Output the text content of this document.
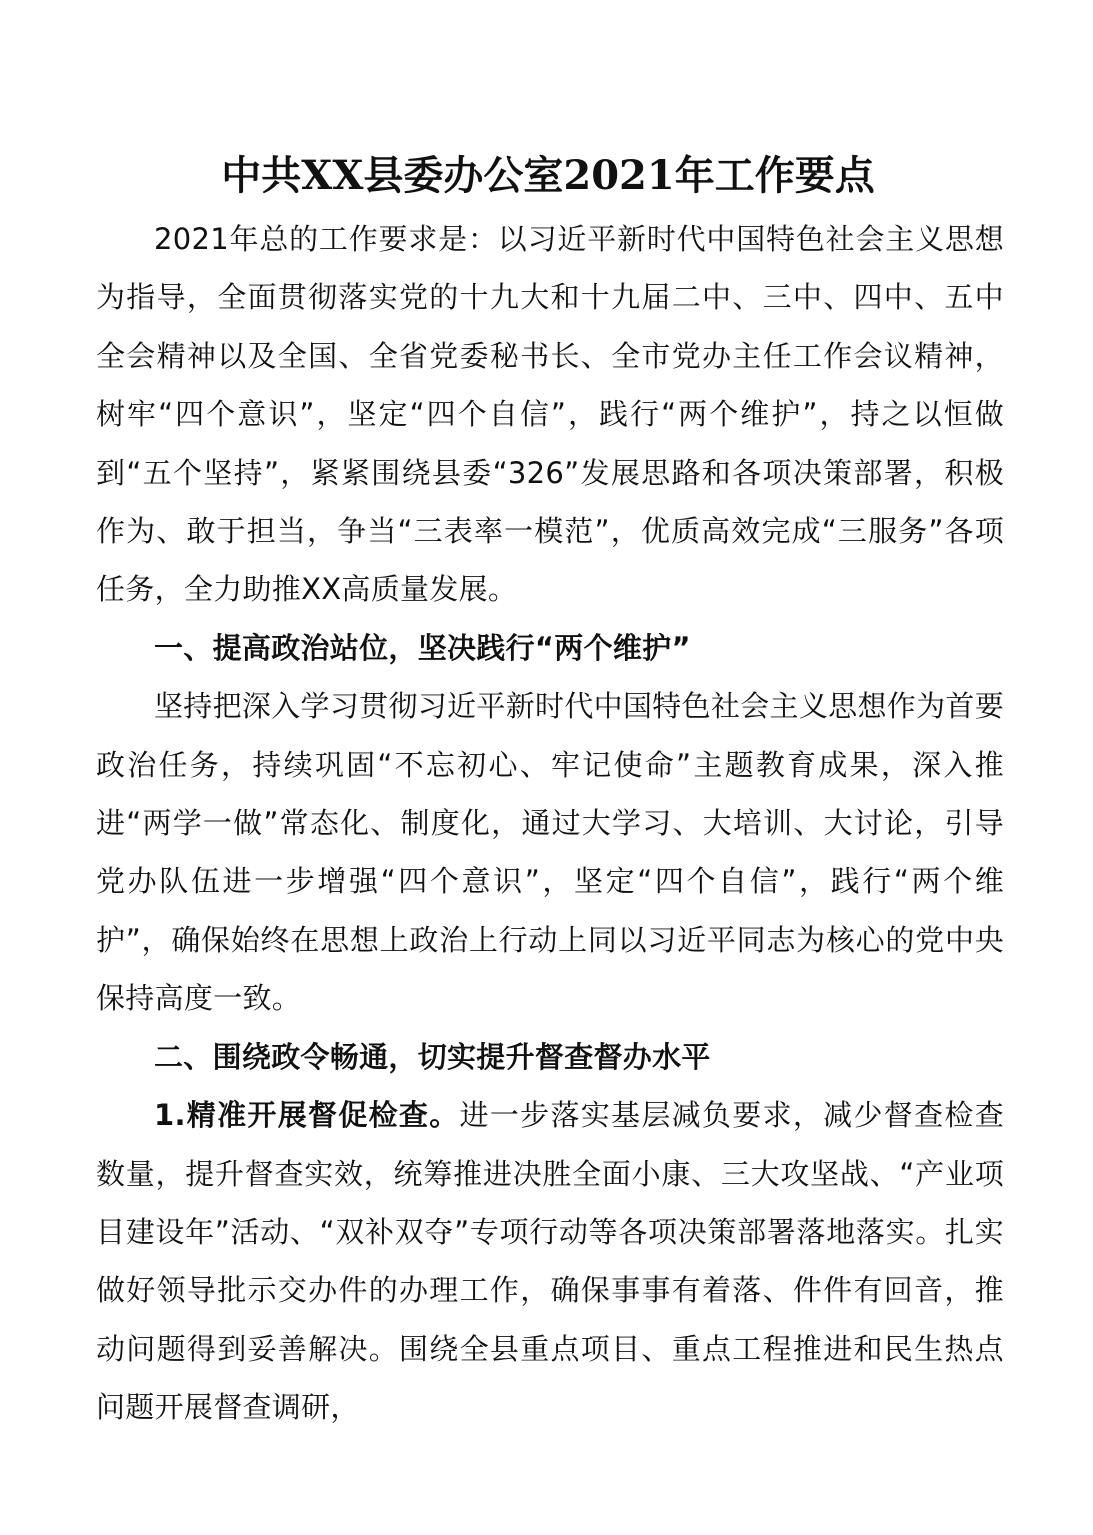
中共XX县委办公室2021年工作要点

2021年总的工作要求是：以习近平新时代中国特色社会主义思想为指导，全面贯彻落实党的十九大和十九届二中、三中、四中、五中全会精神以及全国、全省党委秘书长、全市党办主任工作会议精神，树牢“四个意识”，坚定“四个自信”，践行“两个维护”，持之以恒做到“五个坚持”，紧紧围绕县委“326”发展思路和各项决策部署，积极作为、敢于担当，争当“三表率一模范”，优质高效完成“三服务”各项任务，全力助推XX高质量发展。

一、提高政治站位，坚决践行“两个维护”

坚持把深入学习贯彻习近平新时代中国特色社会主义思想作为首要政治任务，持续巩固“不忘初心、牢记使命”主题教育成果，深入推进“两学一做”常态化、制度化，通过大学习、大培训、大讨论，引导党办队伍进一步增强“四个意识”，坚定“四个自信”，践行“两个维护”，确保始终在思想上政治上行动上同以习近平同志为核心的党中央保持高度一致。

二、围绕政令畅通，切实提升督查督办水平

1.精准开展督促检查。进一步落实基层减负要求，减少督查检查数量，提升督查实效，统筹推进决胜全面小康、三大攻坚战、“产业项目建设年”活动、“双补双夺”专项行动等各项决策部署落地落实。扎实做好领导批示交办件的办理工作，确保事事有着落、件件有回音，推动问题得到妥善解决。围绕全县重点项目、重点工程推进和民生热点问题开展督查调研，
